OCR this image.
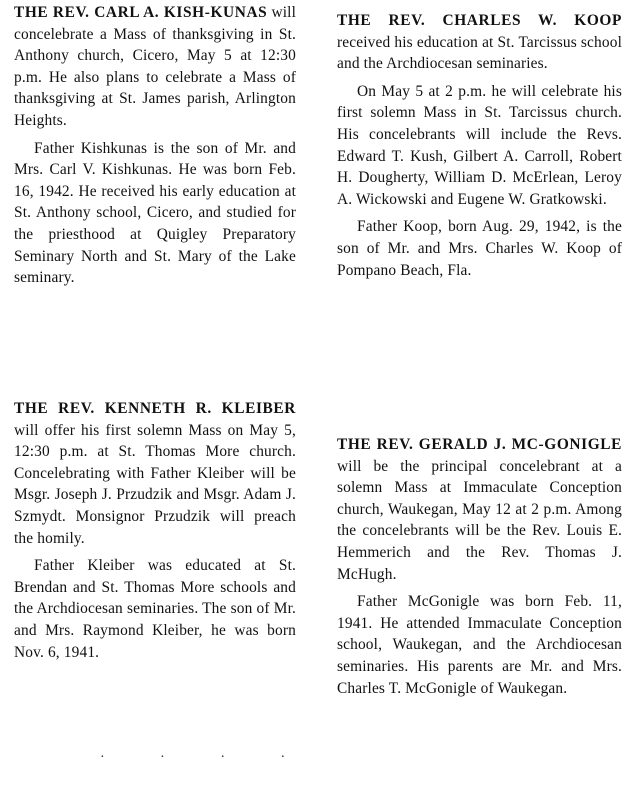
THE REV. CARL A. KISH-KUNAS will concelebrate a Mass of thanksgiving in St. Anthony church, Cicero, May 5 at 12:30 p.m. He also plans to celebrate a Mass of thanksgiving at St. James parish, Arlington Heights.

Father Kishkunas is the son of Mr. and Mrs. Carl V. Kishkunas. He was born Feb. 16, 1942. He received his early education at St. Anthony school, Cicero, and studied for the priesthood at Quigley Preparatory Seminary North and St. Mary of the Lake seminary.

THE REV. KENNETH R. KLEIBER will offer his first solemn Mass on May 5, 12:30 p.m. at St. Thomas More church. Concelebrating with Father Kleiber will be Msgr. Joseph J. Przudzik and Msgr. Adam J. Szmydt. Monsignor Przudzik will preach the homily.

Father Kleiber was educated at St. Brendan and St. Thomas More schools and the Archdiocesan seminaries. The son of Mr. and Mrs. Raymond Kleiber, he was born Nov. 6, 1941.

· · · ·

THE REV. CHARLES W. KOOP received his education at St. Tarcissus school and the Archdiocesan seminaries.

On May 5 at 2 p.m. he will celebrate his first solemn Mass in St. Tarcissus church. His concelebrants will include the Revs. Edward T. Kush, Gilbert A. Carroll, Robert H. Dougherty, William D. McErlean, Leroy A. Wickowski and Eugene W. Gratkowski.

Father Koop, born Aug. 29, 1942, is the son of Mr. and Mrs. Charles W. Koop of Pompano Beach, Fla.

THE REV. GERALD J. MC-GONIGLE will be the principal concelebrant at a solemn Mass at Immaculate Conception church, Waukegan, May 12 at 2 p.m. Among the concelebrants will be the Rev. Louis E. Hemmerich and the Rev. Thomas J. McHugh.

Father McGonigle was born Feb. 11, 1941. He attended Immaculate Conception school, Waukegan, and the Archdiocesan seminaries. His parents are Mr. and Mrs. Charles T. McGonigle of Waukegan.
